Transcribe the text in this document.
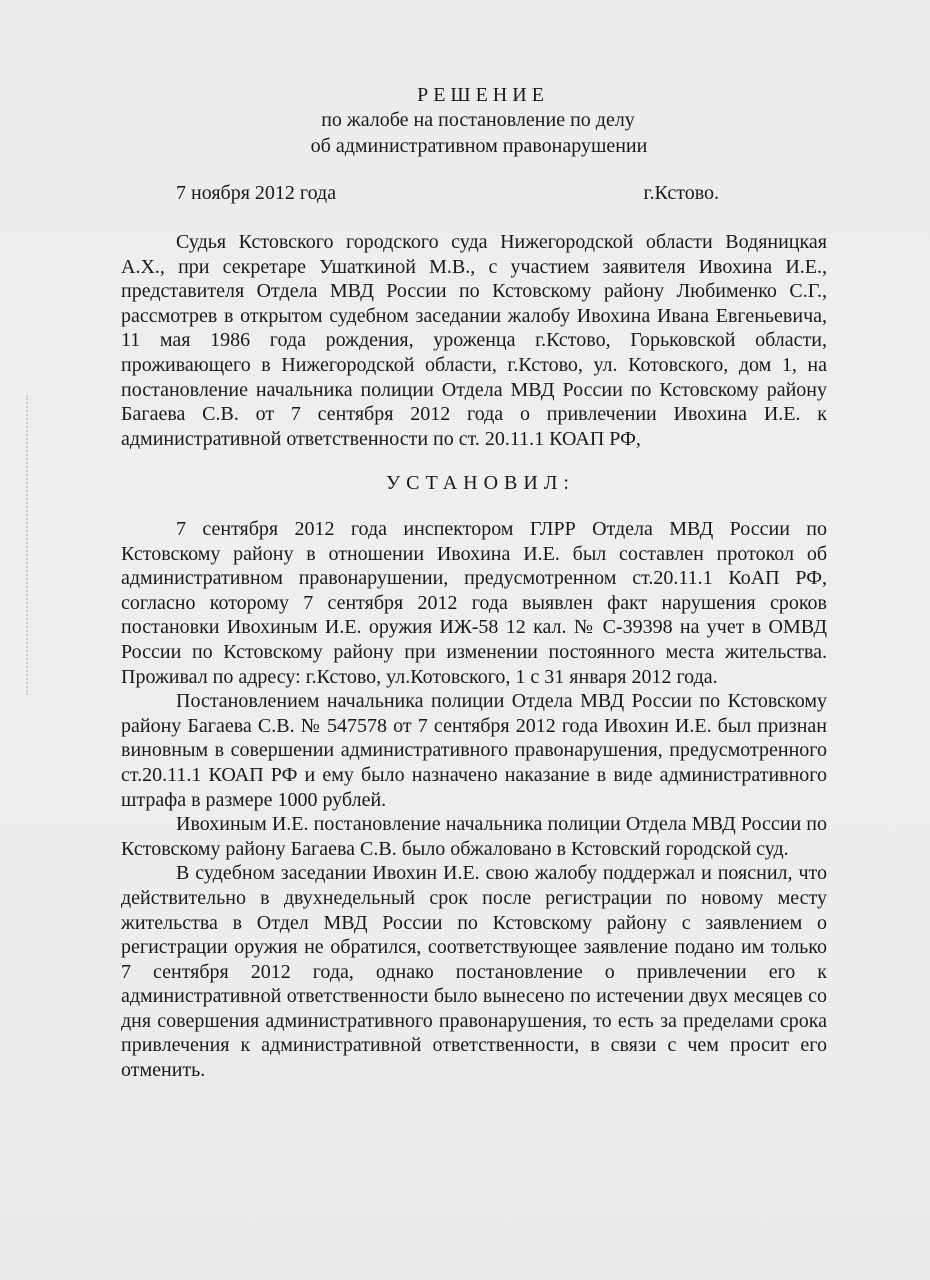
РЕШЕНИЕ
по жалобе на постановление по делу
об административном правонарушении
7 ноября 2012 года	г.Кстово.

Судья Кстовского городского суда Нижегородской области Водяницкая А.Х., при секретаре Ушаткиной М.В., с участием заявителя Ивохина И.Е., представителя Отдела МВД России по Кстовскому району Любименко С.Г., рассмотрев в открытом судебном заседании жалобу Ивохина Ивана Евгеньевича, 11 мая 1986 года рождения, уроженца г.Кстово, Горьковской области, проживающего в Нижегородской области, г.Кстово, ул. Котовского, дом 1, на постановление начальника полиции Отдела МВД России по Кстовскому району Багаева С.В. от 7 сентября 2012 года о привлечении Ивохина И.Е. к административной ответственности по ст. 20.11.1 КОАП РФ,

УСТАНОВИЛ:

7 сентября 2012 года инспектором ГЛРР Отдела МВД России по Кстовскому району в отношении Ивохина И.Е. был составлен протокол об административном правонарушении, предусмотренном ст.20.11.1 КоАП РФ, согласно которому 7 сентября 2012 года выявлен факт нарушения сроков постановки Ивохиным И.Е. оружия ИЖ-58 12 кал. № С-39398 на учет в ОМВД России по Кстовскому району при изменении постоянного места жительства. Проживал по адресу: г.Кстово, ул.Котовского, 1 с 31 января 2012 года.

Постановлением начальника полиции Отдела МВД России по Кстовскому району Багаева С.В. № 547578 от 7 сентября 2012 года Ивохин И.Е. был признан виновным в совершении административного правонарушения, предусмотренного ст.20.11.1 КОАП РФ и ему было назначено наказание в виде административного штрафа в размере 1000 рублей.

Ивохиным И.Е. постановление начальника полиции Отдела МВД России по Кстовскому району Багаева С.В. было обжаловано в Кстовский городской суд.

В судебном заседании Ивохин И.Е. свою жалобу поддержал и пояснил, что действительно в двухнедельный срок после регистрации по новому месту жительства в Отдел МВД России по Кстовскому району с заявлением о регистрации оружия не обратился, соответствующее заявление подано им только 7 сентября 2012 года, однако постановление о привлечении его к административной ответственности было вынесено по истечении двух месяцев со дня совершения административного правонарушения, то есть за пределами срока привлечения к административной ответственности, в связи с чем просит его отменить.
